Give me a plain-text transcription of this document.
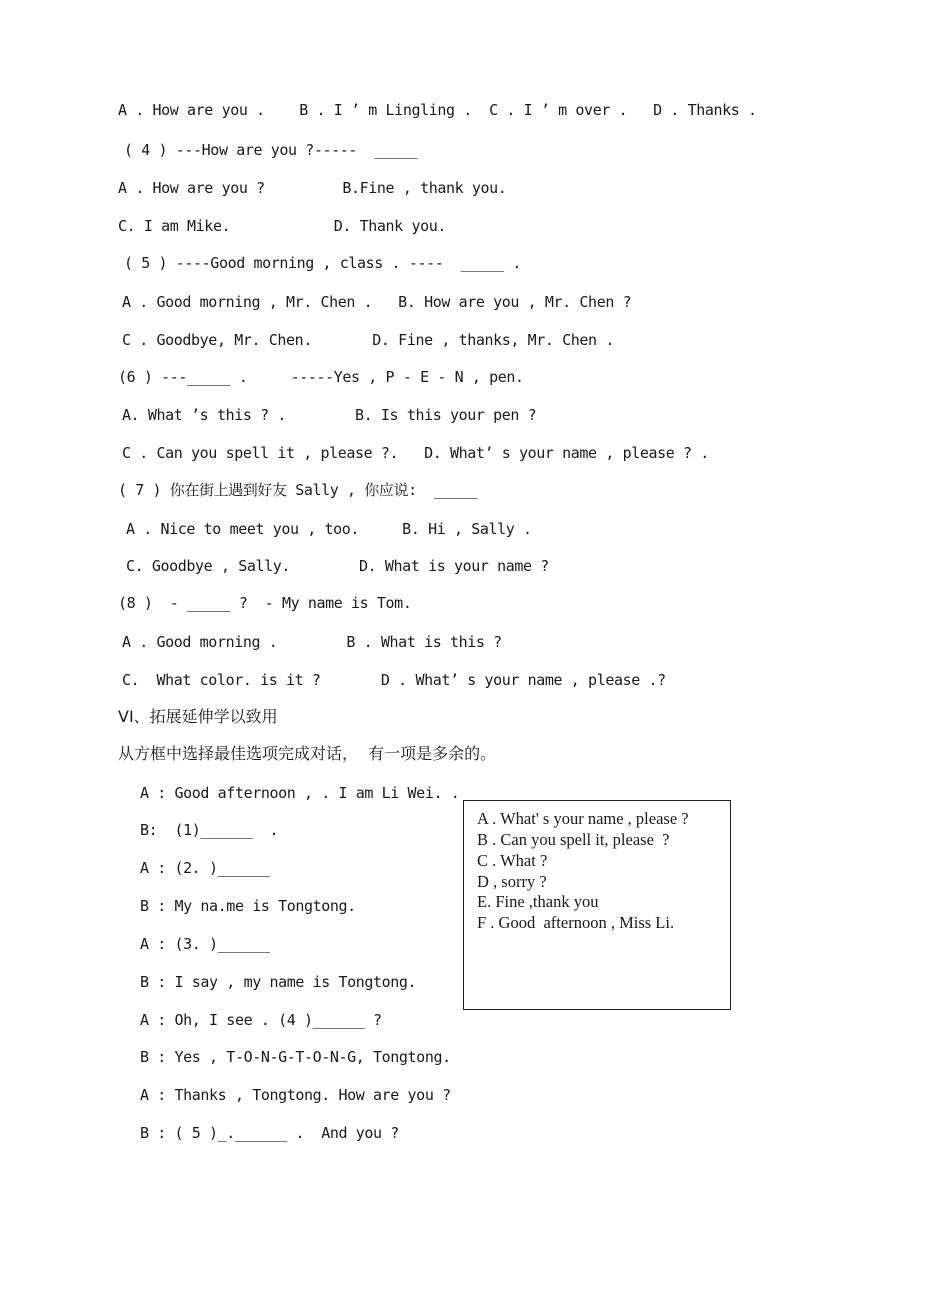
A . How are you .    B . I ’ m Lingling .  C . I ’ m over .   D . Thanks .
( 4 ) ---How are you ?-----  _____
A . How are you ?         B.Fine , thank you.
C. I am Mike.            D. Thank you.
( 5 ) ----Good morning , class . ----  _____ .
A . Good morning , Mr. Chen .   B. How are you , Mr. Chen ?
C . Goodbye, Mr. Chen.       D. Fine , thanks, Mr. Chen .
(6 ) ---_____ .     -----Yes , P - E - N , pen.
A. What ’s this ? .        B. Is this your pen ?
C . Can you spell it , please ?.   D. What’ s your name , please ? .
( 7 ) 你在街上遇到好友 Sally , 你应说:  _____
A . Nice to meet you , too.     B. Hi , Sally .
C. Goodbye , Sally.        D. What is your name ?
(8 )  - _____ ?  - My name is Tom.
A . Good morning .        B . What is this ?
C.  What color. is it ?       D . What’ s your name , please .?
VI、拓展延伸学以致用
从方框中选择最佳选项完成对话，  有一项是多余的。
A : Good afternoon , . I am Li Wei. .
B:  (1)______  .
A : (2. )______
B : My na.me is Tongtong.
A : (3. )______
B : I say , my name is Tongtong.
A : Oh, I see . (4 )______ ?
B : Yes , T-O-N-G-T-O-N-G, Tongtong.
A : Thanks , Tongtong. How are you ?
B : ( 5 )_.______ .  And you ?
A . What' s your name , please ?
B . Can you spell it, please  ?
C . What ?
D , sorry ?
E. Fine ,thank you
F . Good  afternoon , Miss Li.
